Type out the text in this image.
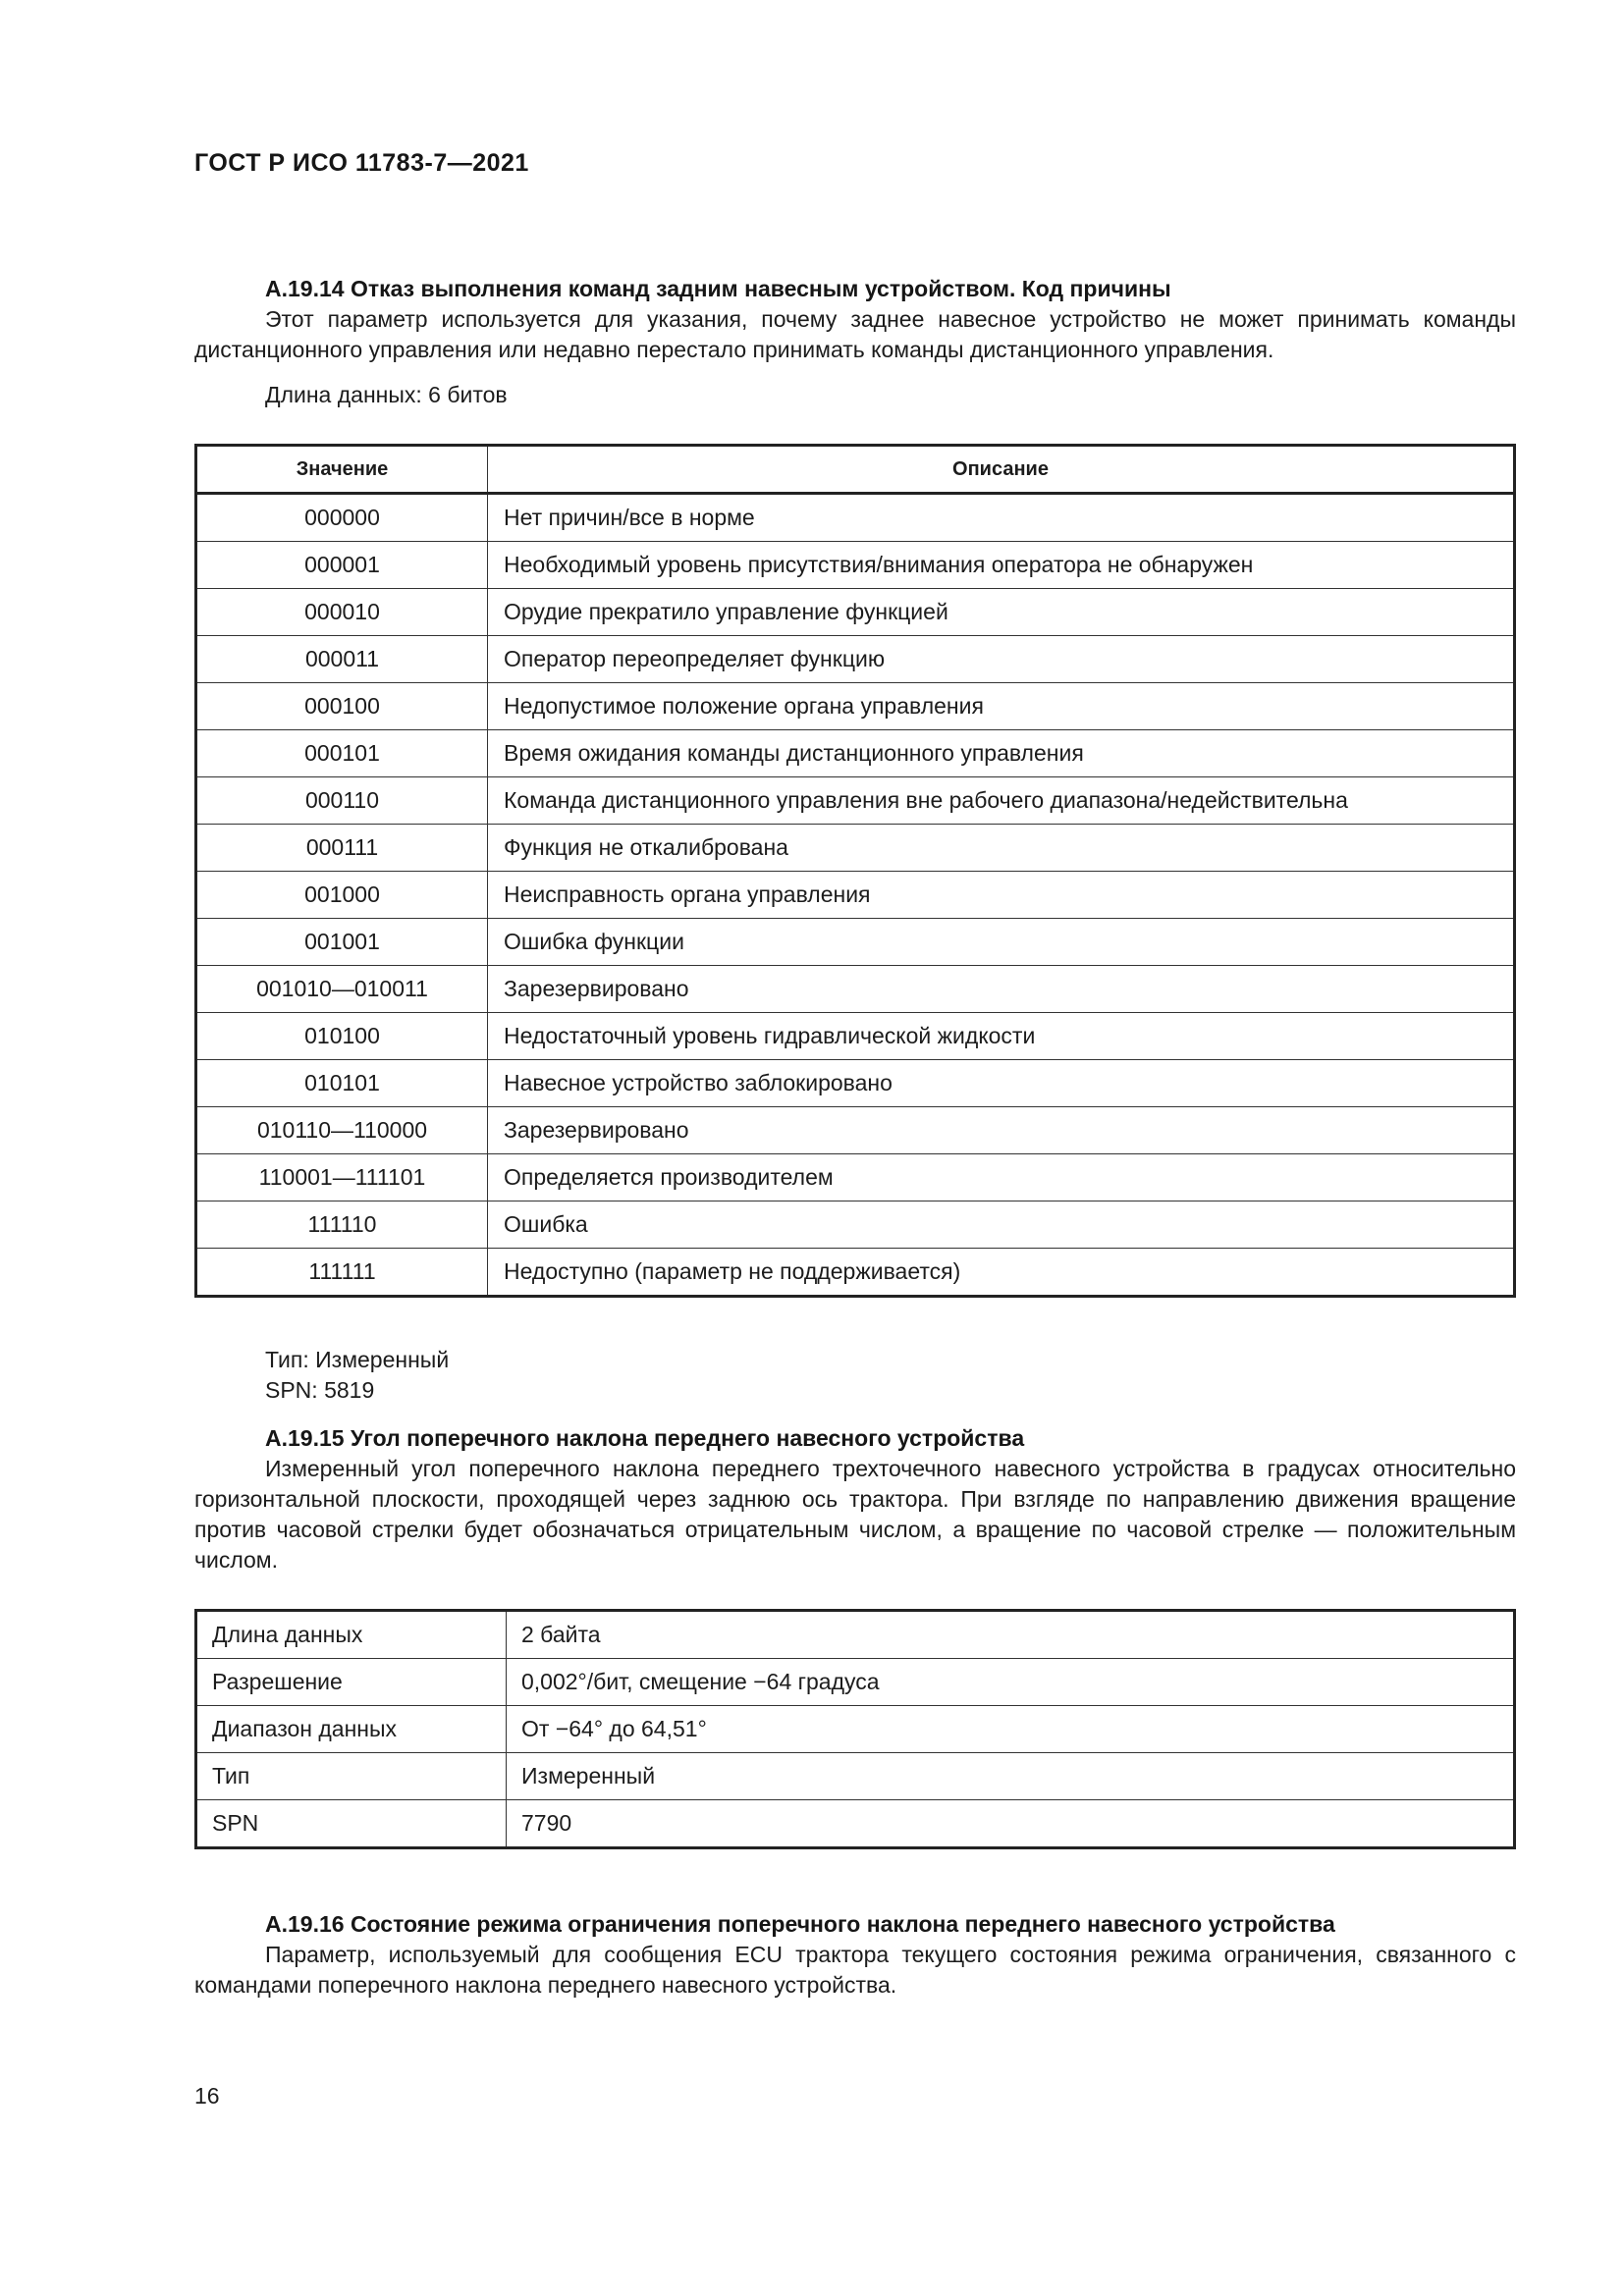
ГОСТ Р ИСО 11783-7—2021

A.19.14 Отказ выполнения команд задним навесным устройством. Код причины

Этот параметр используется для указания, почему заднее навесное устройство не может принимать команды дистанционного управления или недавно перестало принимать команды дистанционного управления.

Длина данных: 6 битов

Значение	Описание
000000	Нет причин/все в норме
000001	Необходимый уровень присутствия/внимания оператора не обнаружен
000010	Орудие прекратило управление функцией
000011	Оператор переопределяет функцию
000100	Недопустимое положение органа управления
000101	Время ожидания команды дистанционного управления
000110	Команда дистанционного управления вне рабочего диапазона/недействительна
000111	Функция не откалибрована
001000	Неисправность органа управления
001001	Ошибка функции
001010—010011	Зарезервировано
010100	Недостаточный уровень гидравлической жидкости
010101	Навесное устройство заблокировано
010110—110000	Зарезервировано
110001—111101	Определяется производителем
111110	Ошибка
111111	Недоступно (параметр не поддерживается)

Тип: Измеренный

SPN: 5819

A.19.15 Угол поперечного наклона переднего навесного устройства

Измеренный угол поперечного наклона переднего трехточечного навесного устройства в градусах относительно горизонтальной плоскости, проходящей через заднюю ось трактора. При взгляде по направлению движения вращение против часовой стрелки будет обозначаться отрицательным числом, а вращение по часовой стрелке — положительным числом.

Длина данных	2 байта
Разрешение	0,002°/бит, смещение −64 градуса
Диапазон данных	От −64° до 64,51°
Тип	Измеренный
SPN	7790

A.19.16 Состояние режима ограничения поперечного наклона переднего навесного устройства

Параметр, используемый для сообщения ECU трактора текущего состояния режима ограничения, связанного с командами поперечного наклона переднего навесного устройства.

16
